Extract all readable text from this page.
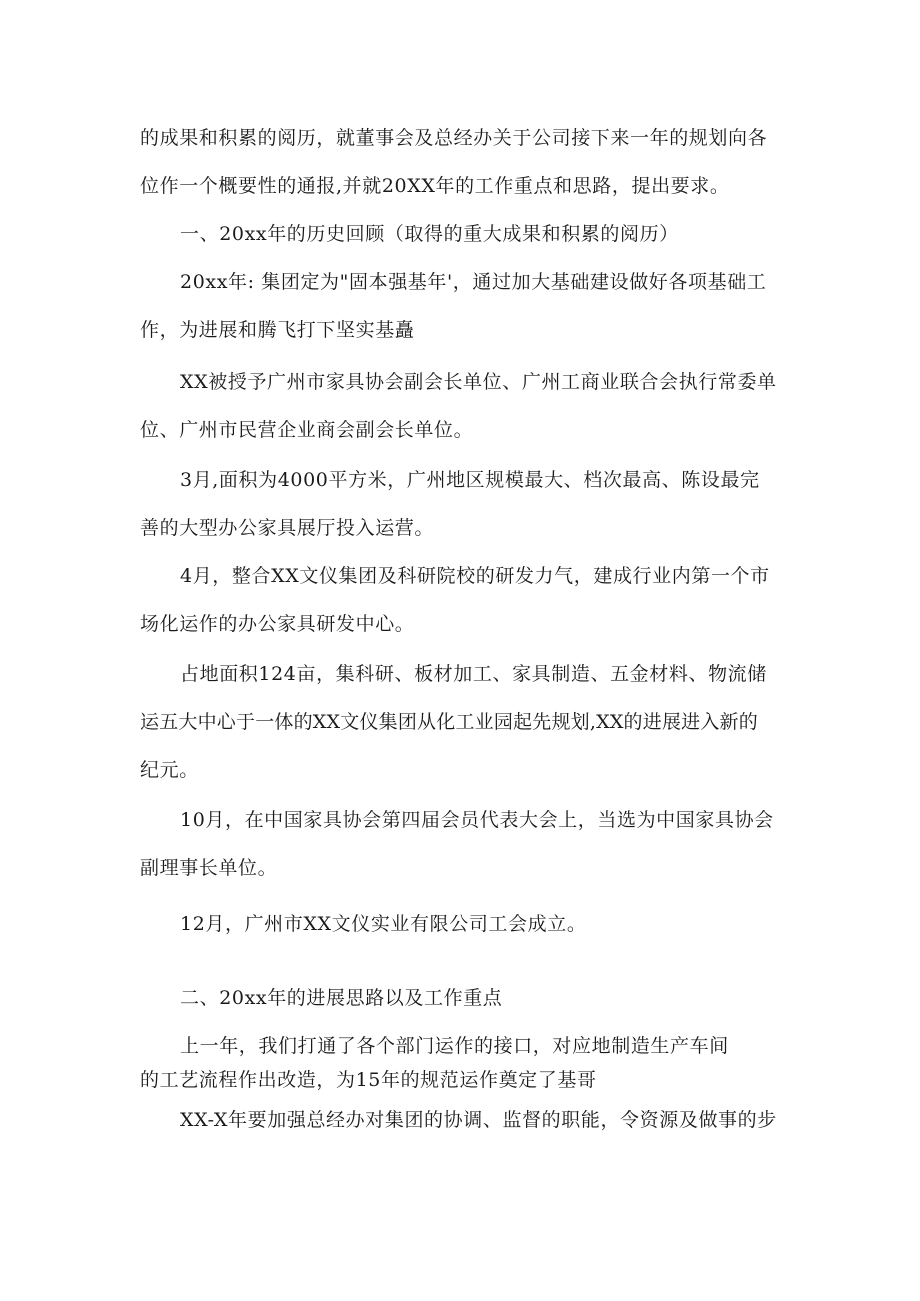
的成果和积累的阅历，就董事会及总经办关于公司接下来一年的规划向各
位作一个概要性的通报,并就20XX年的工作重点和思路，提出要求。
一、20xx年的历史回顾（取得的重大成果和积累的阅历）
20xx年: 集团定为"固本强基年'，通过加大基础建设做好各项基础工
作，为进展和腾飞打下坚实基矗
XX被授予广州市家具协会副会长单位、广州工商业联合会执行常委单
位、广州市民营企业商会副会长单位。
3月,面积为4000平方米，广州地区规模最大、档次最高、陈设最完
善的大型办公家具展厅投入运营。
4月，整合XX文仪集团及科研院校的研发力气，建成行业内第一个市
场化运作的办公家具研发中心。
占地面积124亩，集科研、板材加工、家具制造、五金材料、物流储
运五大中心于一体的XX文仪集团从化工业园起先规划,XX的进展进入新的
纪元。
10月，在中国家具协会第四届会员代表大会上，当选为中国家具协会
副理事长单位。
12月，广州市XX文仪实业有限公司工会成立。
二、20xx年的进展思路以及工作重点
上一年，我们打通了各个部门运作的接口，对应地制造生产车间
的工艺流程作出改造，为15年的规范运作奠定了基哥
XX-X年要加强总经办对集团的协调、监督的职能，令资源及做事的步
